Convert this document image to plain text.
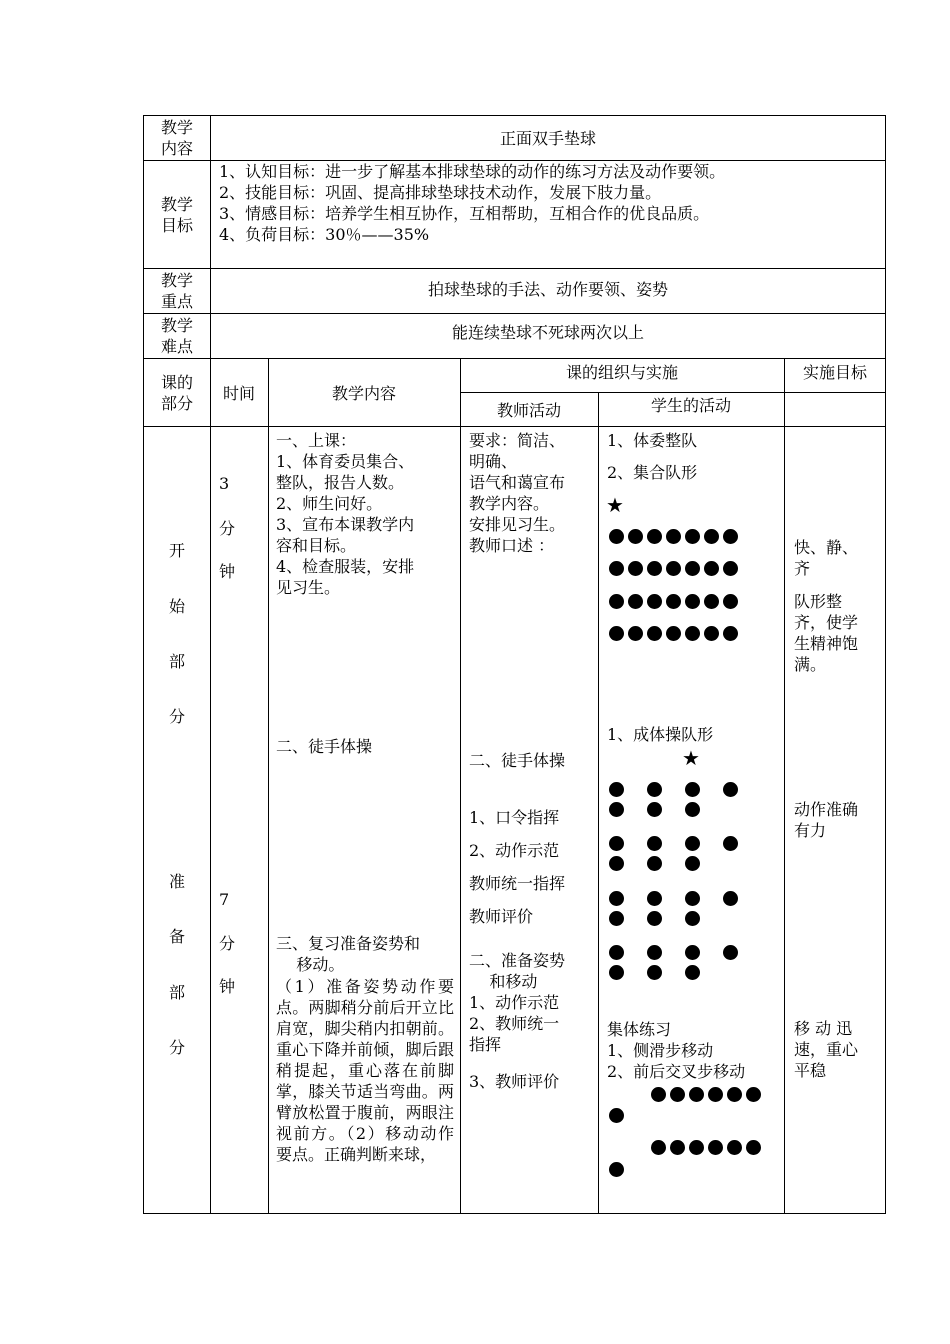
教学
内容
正面双手垫球
教学
目标
1、认知目标：进一步了解基本排球垫球的动作的练习方法及动作要领。
2、技能目标：巩固、提高排球垫球技术动作，发展下肢力量。
3、情感目标：培养学生相互协作，互相帮助，互相合作的优良品质。
4、负荷目标：30％——35%
教学
重点
拍球垫球的手法、动作要领、姿势
教学
难点
能连续垫球不死球两次以上
课的
部分
时间	教学内容
课的组织与实施
教师活动	学生的活动
实施目标
开
始
部
分
准
备
部
分
3
分
钟
7
分
钟
一、上课：
1、体育委员集合、
整队，报告人数。
2、师生问好。
3、宣布本课教学内
容和目标。
4、检查服装，安排
见习生。
二、徒手体操
三、复习准备姿势和
移动。
（1）准备姿势动作要点。两脚稍分前后开立比肩宽，脚尖稍内扣朝前。重心下降并前倾，脚后跟稍提起，重心落在前脚掌，膝关节适当弯曲。两臂放松置于腹前，两眼注视前方。（2）移动动作要点。正确判断来球，
要求：简洁、
明确、
语气和蔼宣布
教学内容。
安排见习生。
教师口述 ：
二、徒手体操
1、口令指挥
2、动作示范
教师统一指挥
教师评价
二、准备姿势
和移动
1、动作示范
2、教师统一
指挥
3、教师评价
1、体委整队
2、集合队形
★
1、成体操队形
★
集体练习
1、侧滑步移动
2、前后交叉步移动
快、静、
齐
队形整
齐，使学
生精神饱
满。
动作准确
有力
移 动 迅
速，重心
平稳
